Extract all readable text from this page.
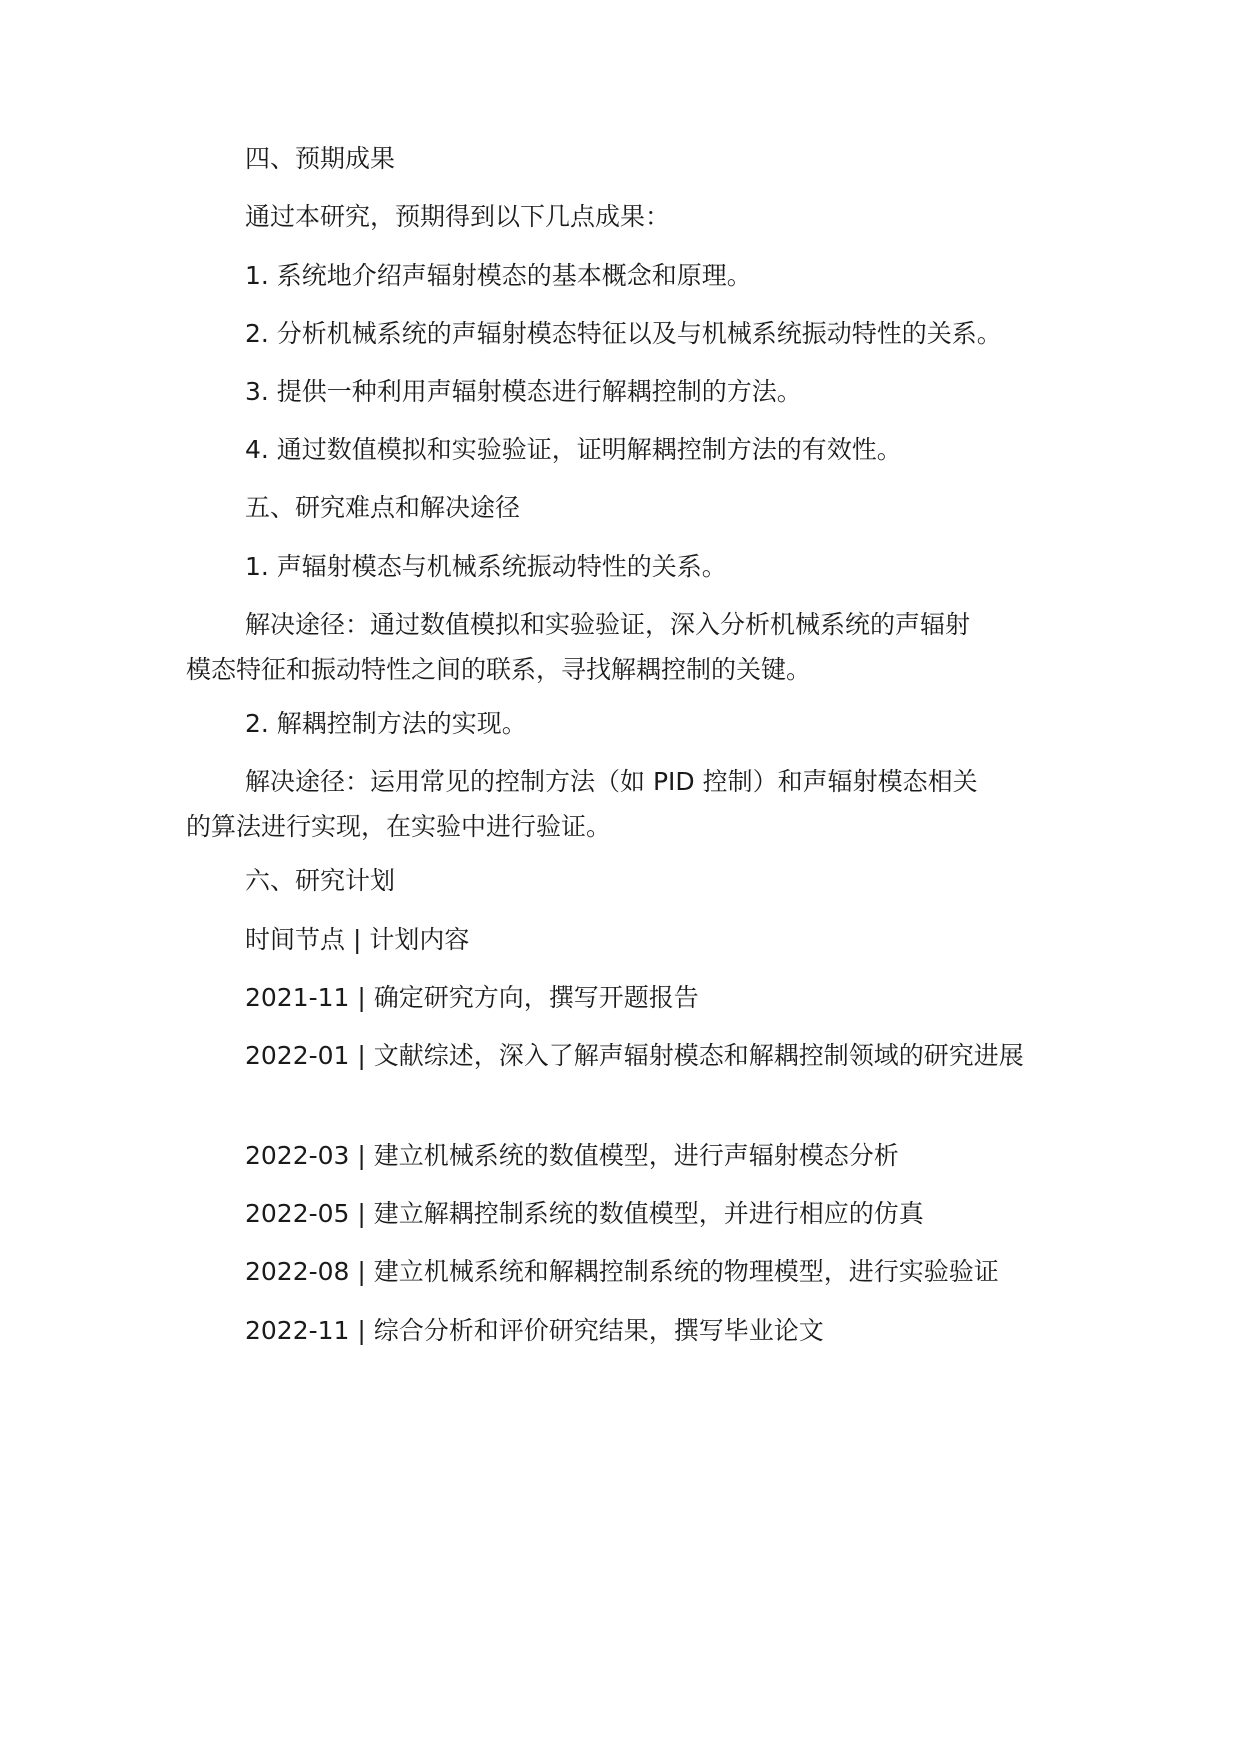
四、预期成果

通过本研究，预期得到以下几点成果：

1. 系统地介绍声辐射模态的基本概念和原理。

2. 分析机械系统的声辐射模态特征以及与机械系统振动特性的关系。

3. 提供一种利用声辐射模态进行解耦控制的方法。

4. 通过数值模拟和实验验证，证明解耦控制方法的有效性。

五、研究难点和解决途径

1. 声辐射模态与机械系统振动特性的关系。

解决途径：通过数值模拟和实验验证，深入分析机械系统的声辐射模态特征和振动特性之间的联系，寻找解耦控制的关键。

2. 解耦控制方法的实现。

解决途径：运用常见的控制方法（如 PID 控制）和声辐射模态相关的算法进行实现，在实验中进行验证。

六、研究计划

时间节点 | 计划内容

2021-11 | 确定研究方向，撰写开题报告

2022-01 | 文献综述，深入了解声辐射模态和解耦控制领域的研究进展

2022-03 | 建立机械系统的数值模型，进行声辐射模态分析

2022-05 | 建立解耦控制系统的数值模型，并进行相应的仿真

2022-08 | 建立机械系统和解耦控制系统的物理模型，进行实验验证

2022-11 | 综合分析和评价研究结果，撰写毕业论文
